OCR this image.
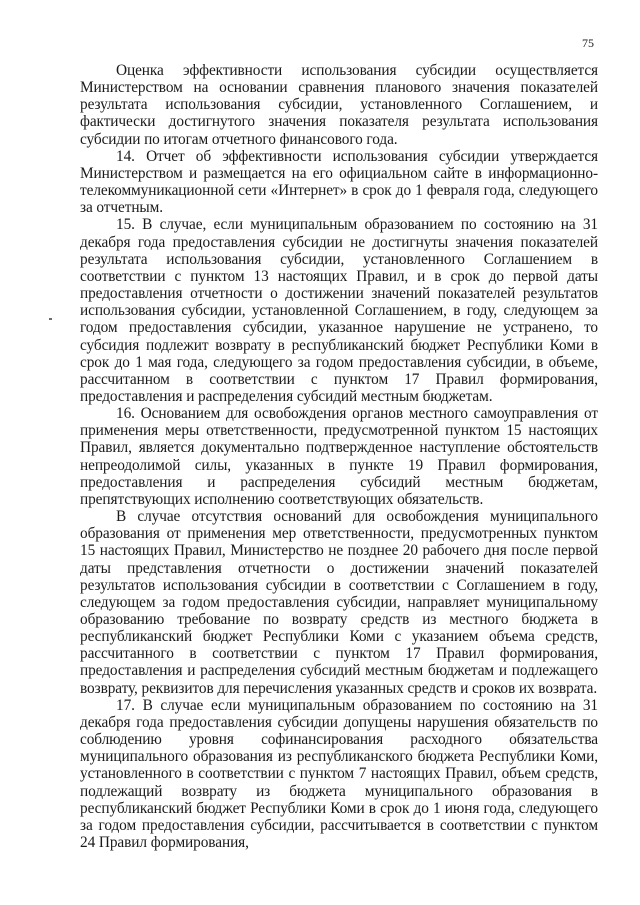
75

Оценка эффективности использования субсидии осуществляется Министерством на основании сравнения планового значения показателей результата использования субсидии, установленного Соглашением, и фактически достигнутого значения показателя результата использования субсидии по итогам отчетного финансового года.

14. Отчет об эффективности использования субсидии утверждается Министерством и размещается на его официальном сайте в информационно-телекоммуникационной сети «Интернет» в срок до 1 февраля года, следующего за отчетным.

15. В случае, если муниципальным образованием по состоянию на 31 декабря года предоставления субсидии не достигнуты значения показателей результата использования субсидии, установленного Соглашением в соответствии с пунктом 13 настоящих Правил, и в срок до первой даты предоставления отчетности о достижении значений показателей результатов использования субсидии, установленной Соглашением, в году, следующем за годом предоставления субсидии, указанное нарушение не устранено, то субсидия подлежит возврату в республиканский бюджет Республики Коми в срок до 1 мая года, следующего за годом предоставления субсидии, в объеме, рассчитанном в соответствии с пунктом 17 Правил формирования, предоставления и распределения субсидий местным бюджетам.

16. Основанием для освобождения органов местного самоуправления от применения меры ответственности, предусмотренной пунктом 15 настоящих Правил, является документально подтвержденное наступление обстоятельств непреодолимой силы, указанных в пункте 19 Правил формирования, предоставления и распределения субсидий местным бюджетам, препятствующих исполнению соответствующих обязательств.

В случае отсутствия оснований для освобождения муниципального образования от применения мер ответственности, предусмотренных пунктом 15 настоящих Правил, Министерство не позднее 20 рабочего дня после первой даты представления отчетности о достижении значений показателей результатов использования субсидии в соответствии с Соглашением в году, следующем за годом предоставления субсидии, направляет муниципальному образованию требование по возврату средств из местного бюджета в республиканский бюджет Республики Коми с указанием объема средств, рассчитанного в соответствии с пунктом 17 Правил формирования, предоставления и распределения субсидий местным бюджетам и подлежащего возврату, реквизитов для перечисления указанных средств и сроков их возврата.

17. В случае если муниципальным образованием по состоянию на 31 декабря года предоставления субсидии допущены нарушения обязательств по соблюдению уровня софинансирования расходного обязательства муниципального образования из республиканского бюджета Республики Коми, установленного в соответствии с пунктом 7 настоящих Правил, объем средств, подлежащий возврату из бюджета муниципального образования в республиканский бюджет Республики Коми в срок до 1 июня года, следующего за годом предоставления субсидии, рассчитывается в соответствии с пунктом 24 Правил формирования,
